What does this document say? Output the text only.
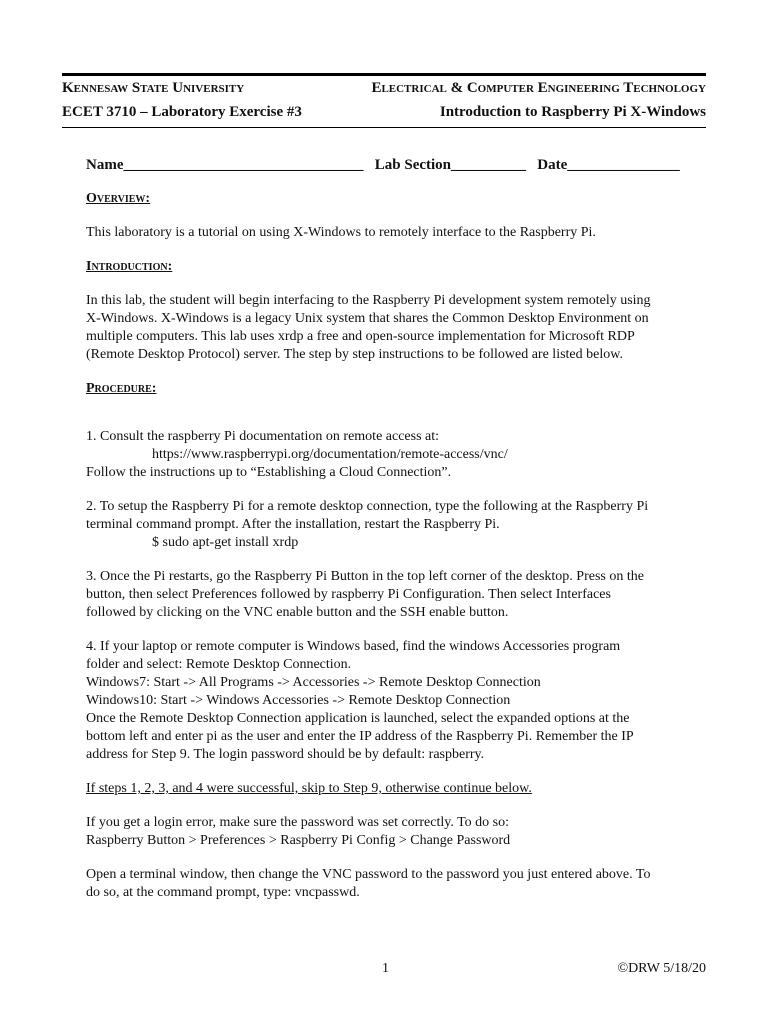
Kennesaw State University	Electrical & Computer Engineering Technology
ECET 3710 – Laboratory Exercise #3	Introduction to Raspberry Pi X-Windows
Name________________________________ Lab Section__________ Date_______________
Overview:
This laboratory is a tutorial on using X-Windows to remotely interface to the Raspberry Pi.
Introduction:
In this lab, the student will begin interfacing to the Raspberry Pi development system remotely using
X-Windows. X-Windows is a legacy Unix system that shares the Common Desktop Environment on
multiple computers. This lab uses xrdp a free and open-source implementation for Microsoft RDP
(Remote Desktop Protocol) server. The step by step instructions to be followed are listed below.
Procedure:
1. Consult the raspberry Pi documentation on remote access at:
https://www.raspberrypi.org/documentation/remote-access/vnc/
Follow the instructions up to “Establishing a Cloud Connection”.
2. To setup the Raspberry Pi for a remote desktop connection, type the following at the Raspberry Pi
terminal command prompt. After the installation, restart the Raspberry Pi.
$ sudo apt-get install xrdp
3. Once the Pi restarts, go the Raspberry Pi Button in the top left corner of the desktop. Press on the
button, then select Preferences followed by raspberry Pi Configuration. Then select Interfaces
followed by clicking on the VNC enable button and the SSH enable button.
4. If your laptop or remote computer is Windows based, find the windows Accessories program
folder and select: Remote Desktop Connection.
Windows7: Start -> All Programs -> Accessories -> Remote Desktop Connection
Windows10: Start -> Windows Accessories -> Remote Desktop Connection
Once the Remote Desktop Connection application is launched, select the expanded options at the
bottom left and enter pi as the user and enter the IP address of the Raspberry Pi. Remember the IP
address for Step 9. The login password should be by default: raspberry.
If steps 1, 2, 3, and 4 were successful, skip to Step 9, otherwise continue below.
If you get a login error, make sure the password was set correctly. To do so:
Raspberry Button > Preferences > Raspberry Pi Config > Change Password
Open a terminal window, then change the VNC password to the password you just entered above. To
do so, at the command prompt, type: vncpasswd.
1	©DRW 5/18/20
